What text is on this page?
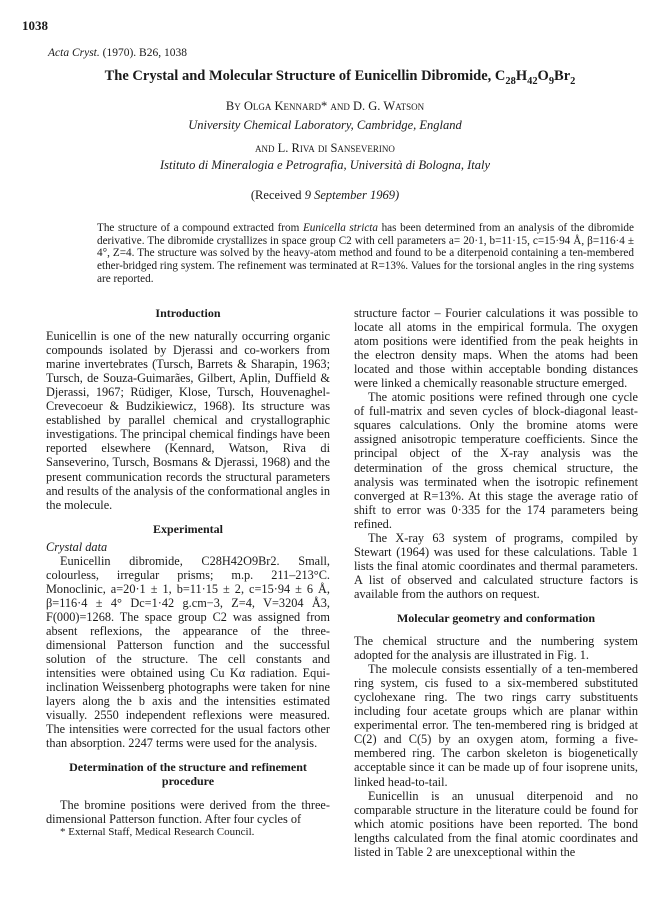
1038
Acta Cryst. (1970). B26, 1038
The Crystal and Molecular Structure of Eunicellin Dibromide, $C_{28}H_{42}O_9Br_2$
By Olga Kennard* and D. G. Watson
University Chemical Laboratory, Cambridge, England
and L. Riva di Sanseverino
Istituto di Mineralogia e Petrografia, Università di Bologna, Italy
(Received 9 September 1969)

The structure of a compound extracted from Eunicella stricta has been determined from an analysis of the dibromide derivative. The dibromide crystallizes in space group C2 with cell parameters a= 20·1, b=11·15, c=15·94 Å, β=116·4 ± 4°, Z=4. The structure was solved by the heavy-atom method and found to be a diterpenoid containing a ten-membered ether-bridged ring system. The refinement was terminated at R=13%. Values for the torsional angles in the ring systems are reported.

Introduction

Eunicellin is one of the new naturally occurring organic compounds isolated by Djerassi and co-workers from marine invertebrates (Tursch, Barrets & Sharapin, 1963; Tursch, de Souza-Guimarães, Gilbert, Aplin, Duffield & Djerassi, 1967; Rüdiger, Klose, Tursch, Houvenaghel-Crevecoeur & Budzikiewicz, 1968). Its structure was established by parallel chemical and crystallographic investigations. The principal chemical findings have been reported elsewhere (Kennard, Watson, Riva di Sanseverino, Tursch, Bosmans & Djerassi, 1968) and the present communication records the structural parameters and results of the analysis of the conformational angles in the molecule.

Experimental
Crystal data

Eunicellin dibromide, C28H42O9Br2. Small, colourless, irregular prisms; m.p. 211–213°C. Monoclinic, a=20·1 ± 1, b=11·15 ± 2, c=15·94 ± 6 Å, β=116·4 ± 4° Dc=1·42 g.cm−3, Z=4, V=3204 Å3, F(000)=1268. The space group C2 was assigned from absent reflexions, the appearance of the three-dimensional Patterson function and the successful solution of the structure. The cell constants and intensities were obtained using Cu Kα radiation. Equi-inclination Weissenberg photographs were taken for nine layers along the b axis and the intensities estimated visually. 2550 independent reflexions were measured. The intensities were corrected for the usual factors other than absorption. 2247 terms were used for the analysis.

Determination of the structure and refinement procedure

The bromine positions were derived from the three-dimensional Patterson function. After four cycles of

structure factor – Fourier calculations it was possible to locate all atoms in the empirical formula. The oxygen atom positions were identified from the peak heights in the electron density maps. When the atoms had been located and those within acceptable bonding distances were linked a chemically reasonable structure emerged.

The atomic positions were refined through one cycle of full-matrix and seven cycles of block-diagonal least-squares calculations. Only the bromine atoms were assigned anisotropic temperature coefficients. Since the principal object of the X-ray analysis was the determination of the gross chemical structure, the analysis was terminated when the isotropic refinement converged at R=13%. At this stage the average ratio of shift to error was 0·335 for the 174 parameters being refined.

The X-ray 63 system of programs, compiled by Stewart (1964) was used for these calculations. Table 1 lists the final atomic coordinates and thermal parameters. A list of observed and calculated structure factors is available from the authors on request.

Molecular geometry and conformation

The chemical structure and the numbering system adopted for the analysis are illustrated in Fig. 1.

The molecule consists essentially of a ten-membered ring system, cis fused to a six-membered substituted cyclohexane ring. The two rings carry substituents including four acetate groups which are planar within experimental error. The ten-membered ring is bridged at C(2) and C(5) by an oxygen atom, forming a five-membered ring. The carbon skeleton is biogenetically acceptable since it can be made up of four isoprene units, linked head-to-tail.

Eunicellin is an unusual diterpenoid and no comparable structure in the literature could be found for which atomic positions have been reported. The bond lengths calculated from the final atomic coordinates and listed in Table 2 are unexceptional within the

* External Staff, Medical Research Council.
